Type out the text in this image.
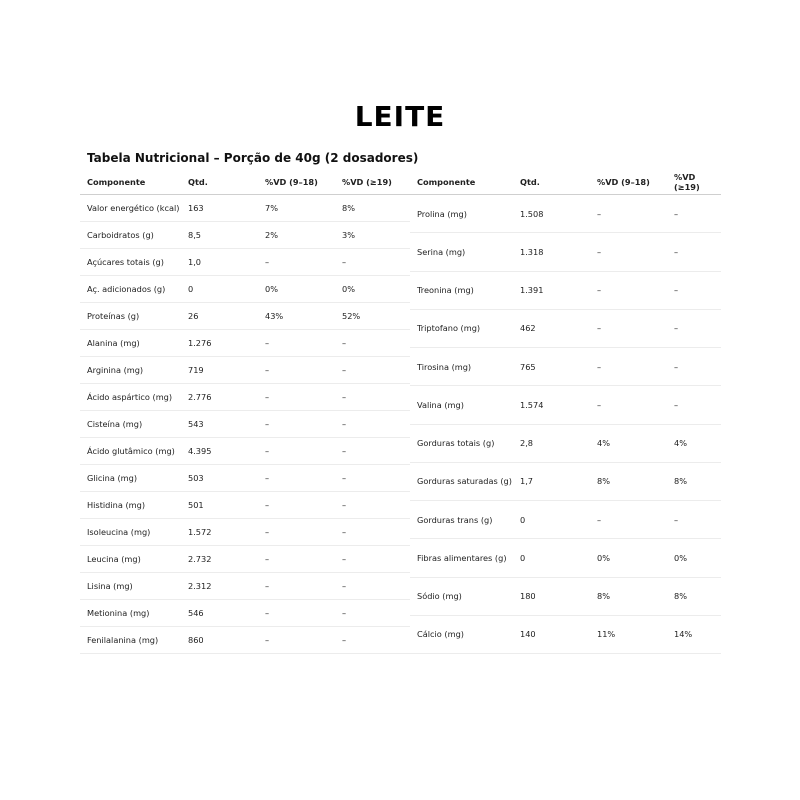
LEITE
Tabela Nutricional – Porção de 40g (2 dosadores)
Componente	Qtd.	%VD (9–18)	%VD (≥19)
Valor energético (kcal)	163	7%	8%
Carboidratos (g)	8,5	2%	3%
Açúcares totais (g)	1,0	–	–
Aç. adicionados (g)	0	0%	0%
Proteínas (g)	26	43%	52%
Alanina (mg)	1.276	–	–
Arginina (mg)	719	–	–
Ácido aspártico (mg)	2.776	–	–
Cisteína (mg)	543	–	–
Ácido glutâmico (mg)	4.395	–	–
Glicina (mg)	503	–	–
Histidina (mg)	501	–	–
Isoleucina (mg)	1.572	–	–
Leucina (mg)	2.732	–	–
Lisina (mg)	2.312	–	–
Metionina (mg)	546	–	–
Fenilalanina (mg)	860	–	–
Componente	Qtd.	%VD (9–18)	%VD (≥19)
Prolina (mg)	1.508	–	–
Serina (mg)	1.318	–	–
Treonina (mg)	1.391	–	–
Triptofano (mg)	462	–	–
Tirosina (mg)	765	–	–
Valina (mg)	1.574	–	–
Gorduras totais (g)	2,8	4%	4%
Gorduras saturadas (g)	1,7	8%	8%
Gorduras trans (g)	0	–	–
Fibras alimentares (g)	0	0%	0%
Sódio (mg)	180	8%	8%
Cálcio (mg)	140	11%	14%
